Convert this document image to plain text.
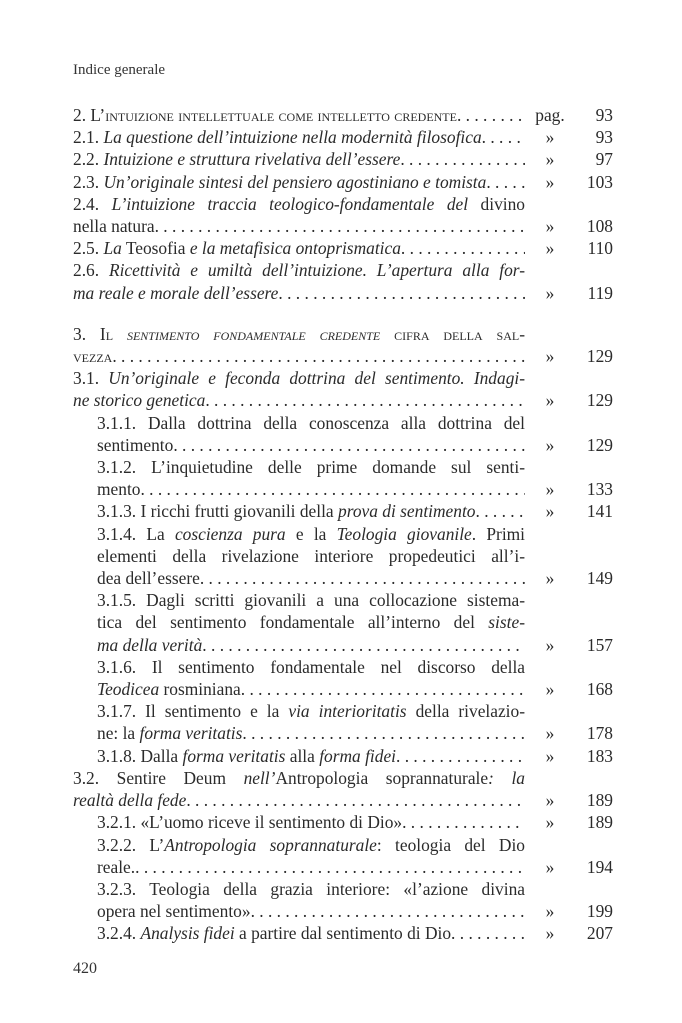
Indice generale
2. L’intuizione intellettuale come intelletto credente . . .	pag.	93
2.1. La questione dell’intuizione nella modernità filosofica . . .	»	93
2.2. Intuizione e struttura rivelativa dell’essere . . .	»	97
2.3. Un’originale sintesi del pensiero agostiniano e tomista . . .	»	103
2.4. L’intuizione traccia teologico-fondamentale del divino
nella natura . . .	»	108
2.5. La Teosofia e la metafisica ontoprismatica . . .	»	110
2.6. Ricettività e umiltà dell’intuizione. L’apertura alla for-
ma reale e morale dell’essere . . .	»	119
3. Il sentimento fondamentale credente cifra della sal-
vezza . . .	»	129
3.1. Un’originale e feconda dottrina del sentimento. Indagi-
ne storico genetica . . .	»	129
3.1.1. Dalla dottrina della conoscenza alla dottrina del
sentimento . . .	»	129
3.1.2. L’inquietudine delle prime domande sul senti-
mento . . .	»	133
3.1.3. I ricchi frutti giovanili della prova di sentimento . . .	»	141
3.1.4. La coscienza pura e la Teologia giovanile. Primi
elementi della rivelazione interiore propedeutici all’i-
dea dell’essere . . .	»	149
3.1.5. Dagli scritti giovanili a una collocazione sistema-
tica del sentimento fondamentale all’interno del siste-
ma della verità . . .	»	157
3.1.6. Il sentimento fondamentale nel discorso della
Teodicea rosminiana . . .	»	168
3.1.7. Il sentimento e la via interioritatis della rivelazio-
ne: la forma veritatis . . .	»	178
3.1.8. Dalla forma veritatis alla forma fidei . . .	»	183
3.2. Sentire Deum nell’Antropologia soprannaturale: la
realtà della fede . . .	»	189
3.2.1. «L’uomo riceve il sentimento di Dio» . . .	»	189
3.2.2. L’Antropologia soprannaturale: teologia del Dio
reale. . . .	»	194
3.2.3. Teologia della grazia interiore: «l’azione divina
opera nel sentimento» . . .	»	199
3.2.4. Analysis fidei a partire dal sentimento di Dio . . .	»	207
420
